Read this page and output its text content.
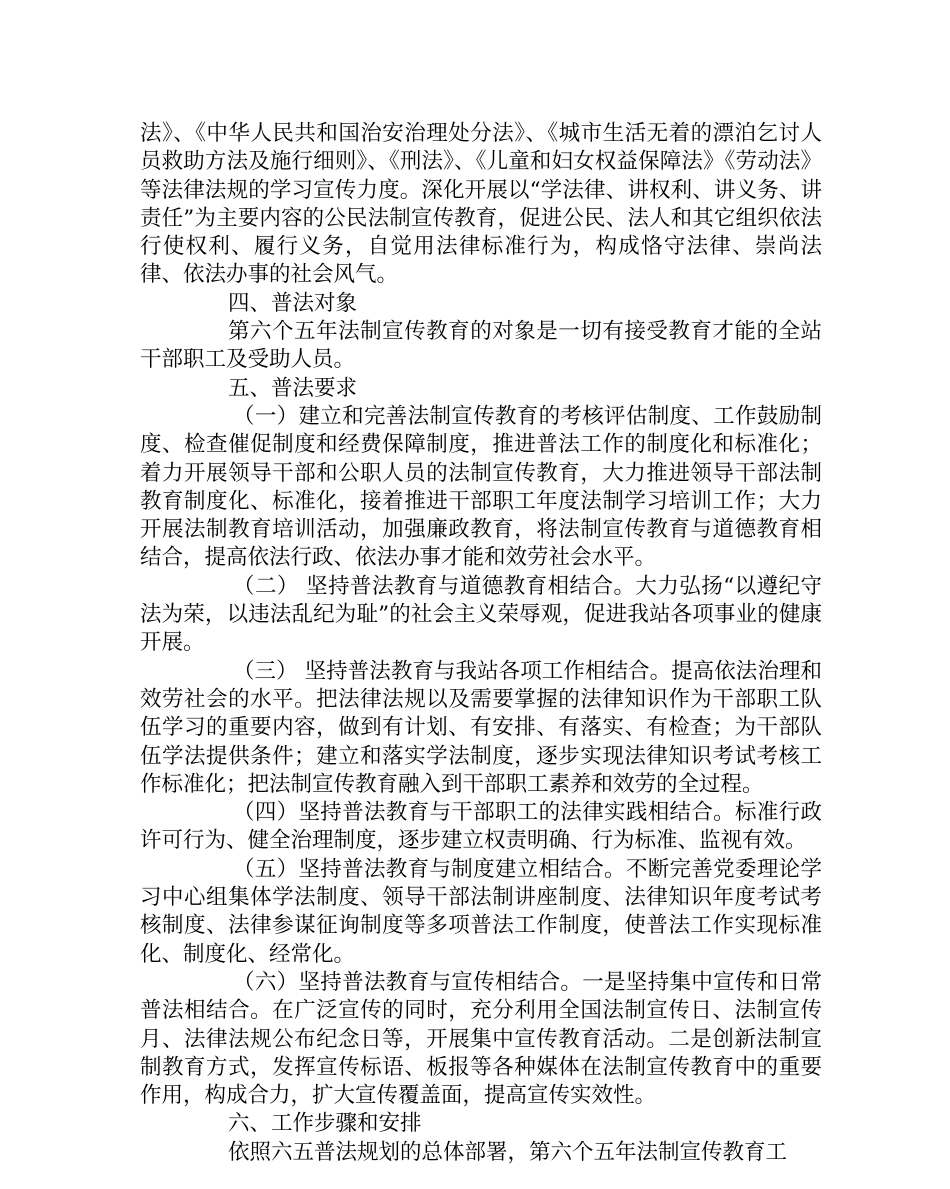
法》、《中华人民共和国治安治理处分法》、《城市生活无着的漂泊乞讨人员救助方法及施行细则》、《刑法》、《儿童和妇女权益保障法》《劳动法》等法律法规的学习宣传力度。深化开展以“学法律、讲权利、讲义务、讲责任”为主要内容的公民法制宣传教育，促进公民、法人和其它组织依法行使权利、履行义务，自觉用法律标准行为，构成恪守法律、崇尚法律、依法办事的社会风气。

四、普法对象

第六个五年法制宣传教育的对象是一切有接受教育才能的全站干部职工及受助人员。

五、普法要求

（一）建立和完善法制宣传教育的考核评估制度、工作鼓励制度、检查催促制度和经费保障制度，推进普法工作的制度化和标准化；着力开展领导干部和公职人员的法制宣传教育，大力推进领导干部法制教育制度化、标准化，接着推进干部职工年度法制学习培训工作；大力开展法制教育培训活动，加强廉政教育，将法制宣传教育与道德教育相结合，提高依法行政、依法办事才能和效劳社会水平。

（二） 坚持普法教育与道德教育相结合。大力弘扬“以遵纪守法为荣，以违法乱纪为耻”的社会主义荣辱观，促进我站各项事业的健康开展。

（三） 坚持普法教育与我站各项工作相结合。提高依法治理和效劳社会的水平。把法律法规以及需要掌握的法律知识作为干部职工队伍学习的重要内容，做到有计划、有安排、有落实、有检查；为干部队伍学法提供条件；建立和落实学法制度，逐步实现法律知识考试考核工作标准化；把法制宣传教育融入到干部职工素养和效劳的全过程。

（四）坚持普法教育与干部职工的法律实践相结合。标准行政许可行为、健全治理制度，逐步建立权责明确、行为标准、监视有效。

（五）坚持普法教育与制度建立相结合。不断完善党委理论学习中心组集体学法制度、领导干部法制讲座制度、法律知识年度考试考核制度、法律参谋征询制度等多项普法工作制度，使普法工作实现标准化、制度化、经常化。

（六）坚持普法教育与宣传相结合。一是坚持集中宣传和日常普法相结合。在广泛宣传的同时，充分利用全国法制宣传日、法制宣传月、法律法规公布纪念日等，开展集中宣传教育活动。二是创新法制宣制教育方式，发挥宣传标语、板报等各种媒体在法制宣传教育中的重要作用，构成合力，扩大宣传覆盖面，提高宣传实效性。

六、工作步骤和安排

依照六五普法规划的总体部署，第六个五年法制宣传教育工
